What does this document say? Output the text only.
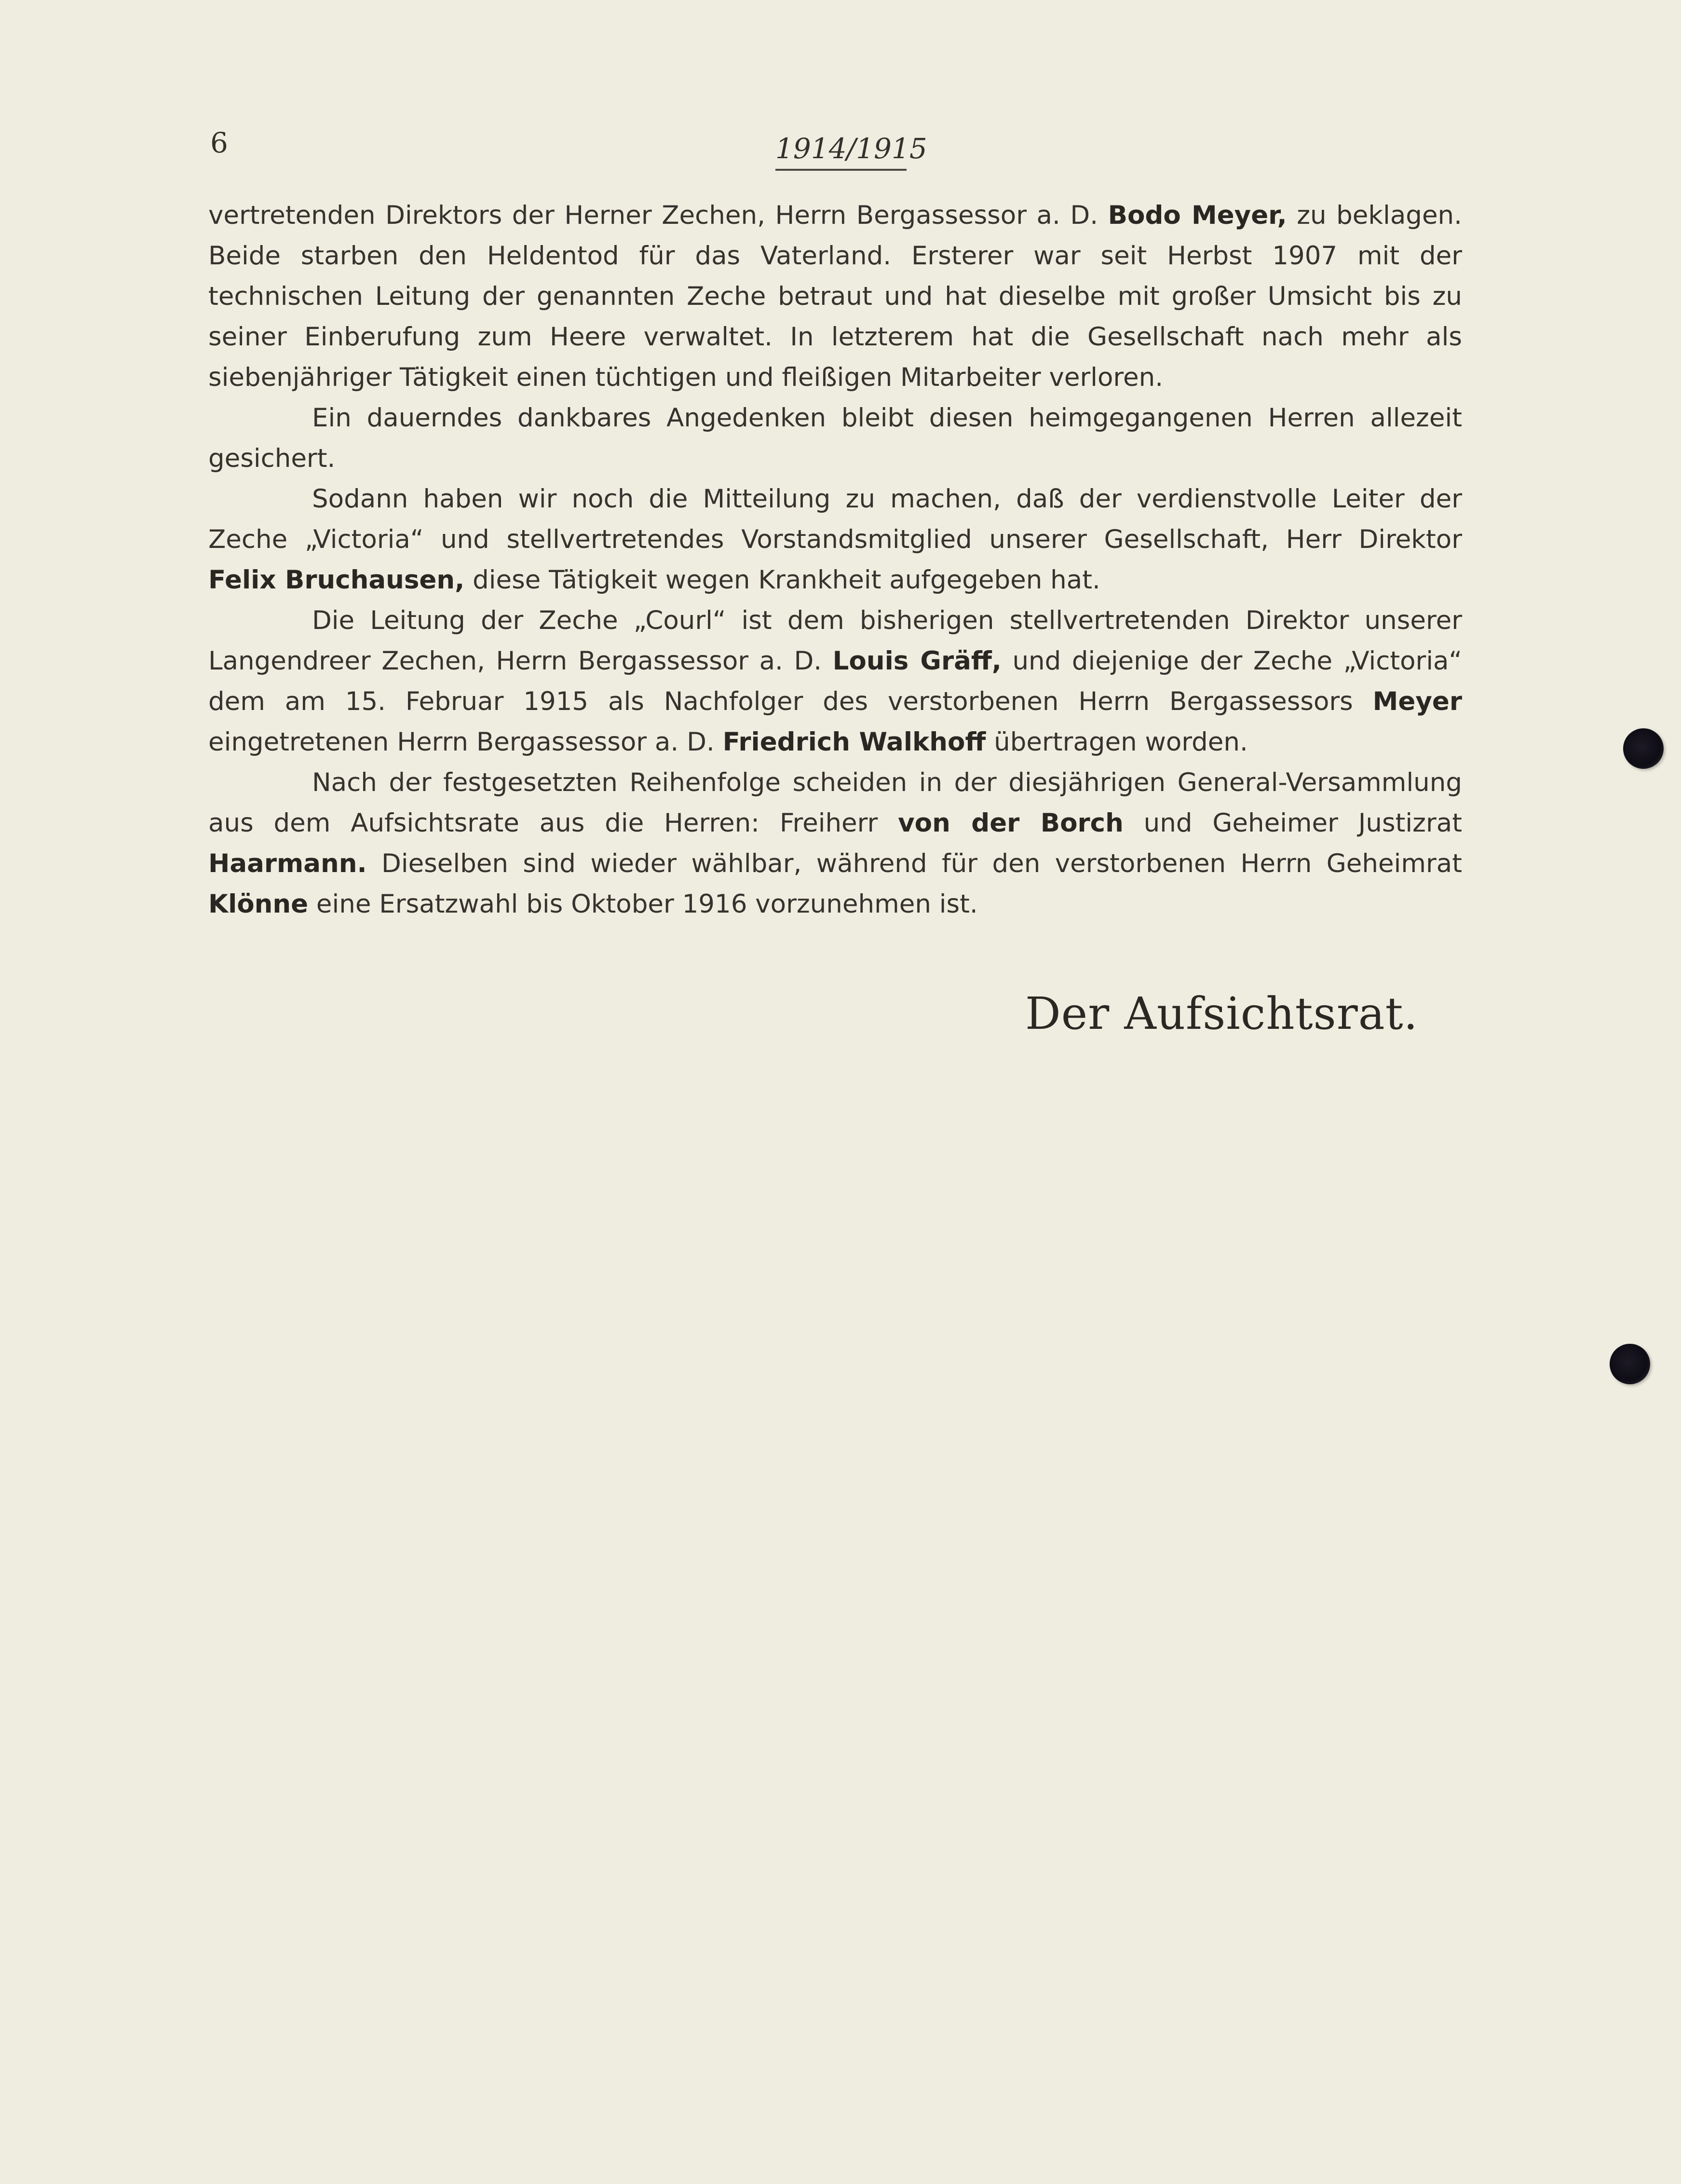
6	1914/1915

vertretenden Direktors der Herner Zechen, Herrn Bergassessor a. D. Bodo Meyer, zu beklagen. Beide starben den Heldentod für das Vaterland. Ersterer war seit Herbst 1907 mit der technischen Leitung der genannten Zeche betraut und hat dieselbe mit großer Umsicht bis zu seiner Einberufung zum Heere verwaltet. In letzterem hat die Gesellschaft nach mehr als siebenjähriger Tätigkeit einen tüchtigen und fleißigen Mitarbeiter verloren.

Ein dauerndes dankbares Angedenken bleibt diesen heimgegangenen Herren allezeit gesichert.

Sodann haben wir noch die Mitteilung zu machen, daß der verdienstvolle Leiter der Zeche „Victoria“ und stellvertretendes Vorstandsmitglied unserer Gesellschaft, Herr Direktor Felix Bruchausen, diese Tätigkeit wegen Krankheit aufgegeben hat.

Die Leitung der Zeche „Courl“ ist dem bisherigen stellvertretenden Direktor unserer Langendreer Zechen, Herrn Bergassessor a. D. Louis Gräff, und diejenige der Zeche „Victoria“ dem am 15. Februar 1915 als Nachfolger des verstorbenen Herrn Bergassessors Meyer eingetretenen Herrn Bergassessor a. D. Friedrich Walkhoff übertragen worden.

Nach der festgesetzten Reihenfolge scheiden in der diesjährigen General-Versammlung aus dem Aufsichtsrate aus die Herren: Freiherr von der Borch und Geheimer Justizrat Haarmann. Dieselben sind wieder wählbar, während für den verstorbenen Herrn Geheimrat Klönne eine Ersatzwahl bis Oktober 1916 vorzunehmen ist.

Der Aufsichtsrat.
